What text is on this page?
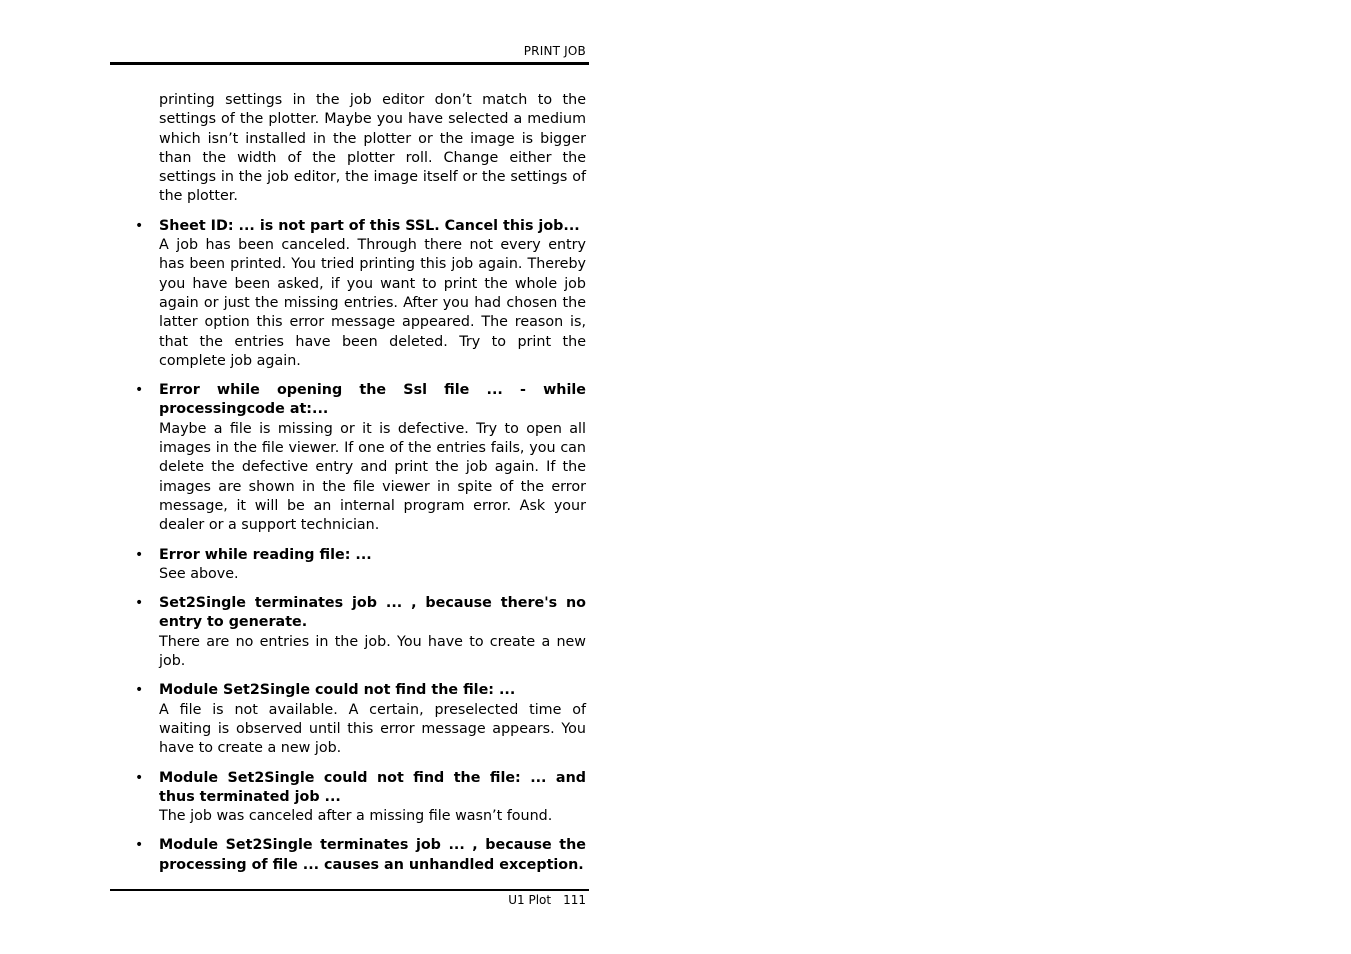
PRINT JOB

printing settings in the job editor don’t match to the settings of the plotter. Maybe you have selected a medium which isn’t installed in the plotter or the image is bigger than the width of the plotter roll. Change either the settings in the job editor, the image itself or the settings of the plotter.

• Sheet ID: ... is not part of this SSL. Cancel this job...

A job has been canceled. Through there not every entry has been printed. You tried printing this job again. Thereby you have been asked, if you want to print the whole job again or just the missing entries. After you had chosen the latter option this error message appeared. The reason is, that the entries have been deleted. Try to print the complete job again.

• Error while opening the Ssl file ... - while processingcode at:...

Maybe a file is missing or it is defective. Try to open all images in the file viewer. If one of the entries fails, you can delete the defective entry and print the job again. If the images are shown in the file viewer in spite of the error message, it will be an internal program error. Ask your dealer or a support technician.

• Error while reading file: ...

See above.

• Set2Single terminates job ... , because there's no entry to generate.

There are no entries in the job. You have to create a new job.

• Module Set2Single could not find the file: ...

A file is not available. A certain, preselected time of waiting is observed until this error message appears. You have to create a new job.

• Module Set2Single could not find the file: ... and thus terminated job ...

The job was canceled after a missing file wasn’t found.

• Module Set2Single terminates job ... , because the processing of file ... causes an unhandled exception.

U1 Plot 111
